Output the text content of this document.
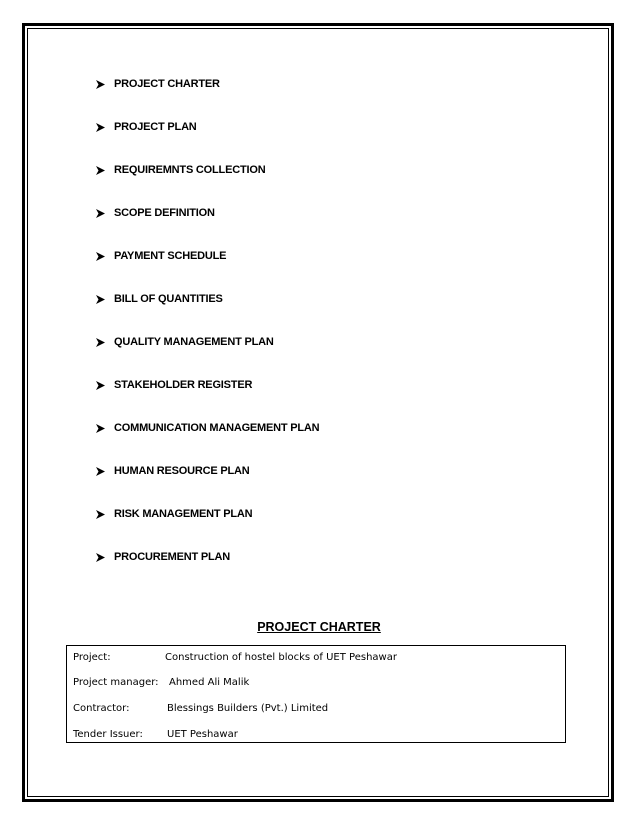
PROJECT CHARTER
PROJECT PLAN
REQUIREMNTS COLLECTION
SCOPE DEFINITION
PAYMENT SCHEDULE
BILL OF QUANTITIES
QUALITY MANAGEMENT PLAN
STAKEHOLDER REGISTER
COMMUNICATION MANAGEMENT PLAN
HUMAN RESOURCE PLAN
RISK MANAGEMENT PLAN
PROCUREMENT PLAN
PROJECT CHARTER
Project:	Construction of hostel blocks of UET Peshawar
Project manager: Ahmed Ali Malik
Contractor:	Blessings Builders (Pvt.) Limited
Tender Issuer: UET Peshawar
